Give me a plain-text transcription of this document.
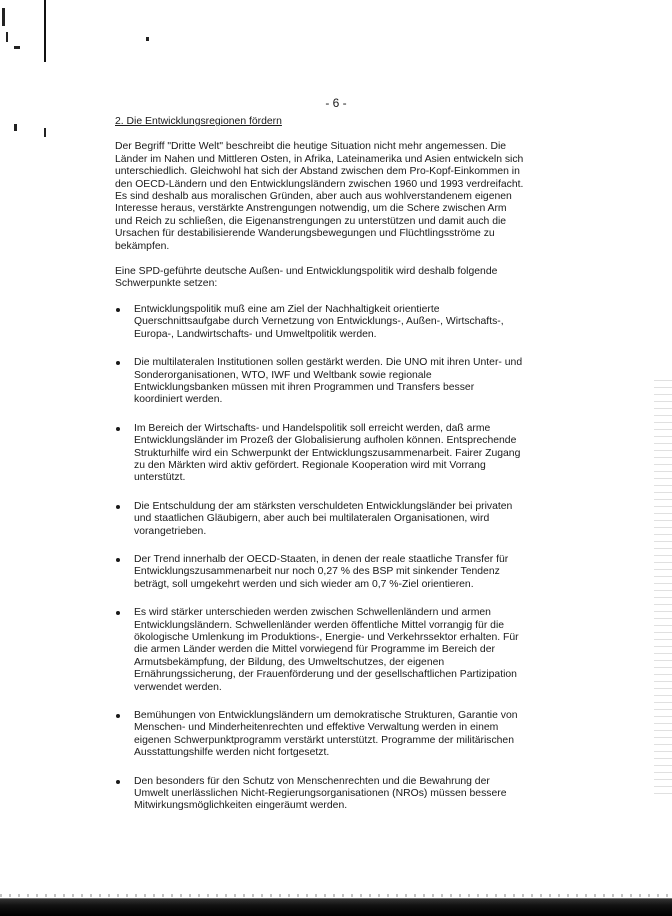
- 6 -
2. Die Entwicklungsregionen fördern

Der Begriff "Dritte Welt" beschreibt die heutige Situation nicht mehr angemessen. Die Länder im Nahen und Mittleren Osten, in Afrika, Lateinamerika und Asien entwickeln sich unterschiedlich. Gleichwohl hat sich der Abstand zwischen dem Pro-Kopf-Einkommen in den OECD-Ländern und den Entwicklungsländern zwischen 1960 und 1993 verdreifacht. Es sind deshalb aus moralischen Gründen, aber auch aus wohlverstandenem eigenen Interesse heraus, verstärkte Anstrengungen notwendig, um die Schere zwischen Arm und Reich zu schließen, die Eigenanstrengungen zu unterstützen und damit auch die Ursachen für destabilisierende Wanderungsbewegungen und Flüchtlingsströme zu bekämpfen.

Eine SPD-geführte deutsche Außen- und Entwicklungspolitik wird deshalb folgende Schwerpunkte setzen:

Entwicklungspolitik muß eine am Ziel der Nachhaltigkeit orientierte Querschnittsaufgabe durch Vernetzung von Entwicklungs-, Außen-, Wirtschafts-, Europa-, Landwirtschafts- und Umweltpolitik werden.
Die multilateralen Institutionen sollen gestärkt werden. Die UNO mit ihren Unter- und Sonderorganisationen, WTO, IWF und Weltbank sowie regionale Entwicklungsbanken müssen mit ihren Programmen und Transfers besser koordiniert werden.
Im Bereich der Wirtschafts- und Handelspolitik soll erreicht werden, daß arme Entwicklungsländer im Prozeß der Globalisierung aufholen können. Entsprechende Strukturhilfe wird ein Schwerpunkt der Entwicklungszusammenarbeit. Fairer Zugang zu den Märkten wird aktiv gefördert. Regionale Kooperation wird mit Vorrang unterstützt.
Die Entschuldung der am stärksten verschuldeten Entwicklungsländer bei privaten und staatlichen Gläubigern, aber auch bei multilateralen Organisationen, wird vorangetrieben.
Der Trend innerhalb der OECD-Staaten, in denen der reale staatliche Transfer für Entwicklungszusammenarbeit nur noch 0,27 % des BSP mit sinkender Tendenz beträgt, soll umgekehrt werden und sich wieder am 0,7 %-Ziel orientieren.
Es wird stärker unterschieden werden zwischen Schwellenländern und armen Entwicklungsländern. Schwellenländer werden öffentliche Mittel vorrangig für die ökologische Umlenkung im Produktions-, Energie- und Verkehrssektor erhalten. Für die armen Länder werden die Mittel vorwiegend für Programme im Bereich der Armutsbekämpfung, der Bildung, des Umweltschutzes, der eigenen Ernährungssicherung, der Frauenförderung und der gesellschaftlichen Partizipation verwendet werden.
Bemühungen von Entwicklungsländern um demokratische Strukturen, Garantie von Menschen- und Minderheitenrechten und effektive Verwaltung werden in einem eigenen Schwerpunktprogramm verstärkt unterstützt. Programme der militärischen Ausstattungshilfe werden nicht fortgesetzt.
Den besonders für den Schutz von Menschenrechten und die Bewahrung der Umwelt unerlässlichen Nicht-Regierungsorganisationen (NROs) müssen bessere Mitwirkungsmöglichkeiten eingeräumt werden.
